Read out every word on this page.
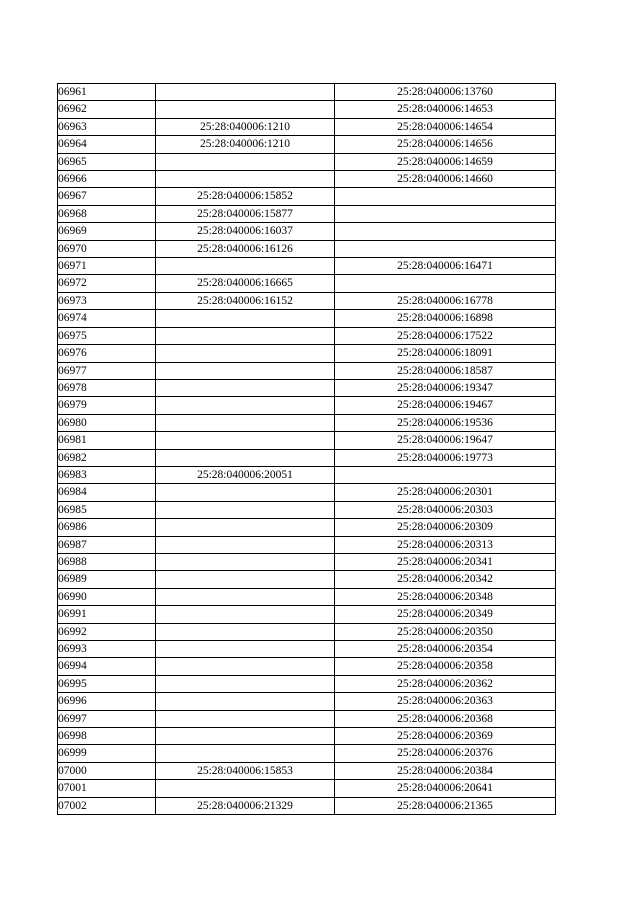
06961		25:28:040006:13760
06962		25:28:040006:14653
06963	25:28:040006:1210	25:28:040006:14654
06964	25:28:040006:1210	25:28:040006:14656
06965		25:28:040006:14659
06966		25:28:040006:14660
06967	25:28:040006:15852	
06968	25:28:040006:15877	
06969	25:28:040006:16037	
06970	25:28:040006:16126	
06971		25:28:040006:16471
06972	25:28:040006:16665	
06973	25:28:040006:16152	25:28:040006:16778
06974		25:28:040006:16898
06975		25:28:040006:17522
06976		25:28:040006:18091
06977		25:28:040006:18587
06978		25:28:040006:19347
06979		25:28:040006:19467
06980		25:28:040006:19536
06981		25:28:040006:19647
06982		25:28:040006:19773
06983	25:28:040006:20051	
06984		25:28:040006:20301
06985		25:28:040006:20303
06986		25:28:040006:20309
06987		25:28:040006:20313
06988		25:28:040006:20341
06989		25:28:040006:20342
06990		25:28:040006:20348
06991		25:28:040006:20349
06992		25:28:040006:20350
06993		25:28:040006:20354
06994		25:28:040006:20358
06995		25:28:040006:20362
06996		25:28:040006:20363
06997		25:28:040006:20368
06998		25:28:040006:20369
06999		25:28:040006:20376
07000	25:28:040006:15853	25:28:040006:20384
07001		25:28:040006:20641
07002	25:28:040006:21329	25:28:040006:21365
